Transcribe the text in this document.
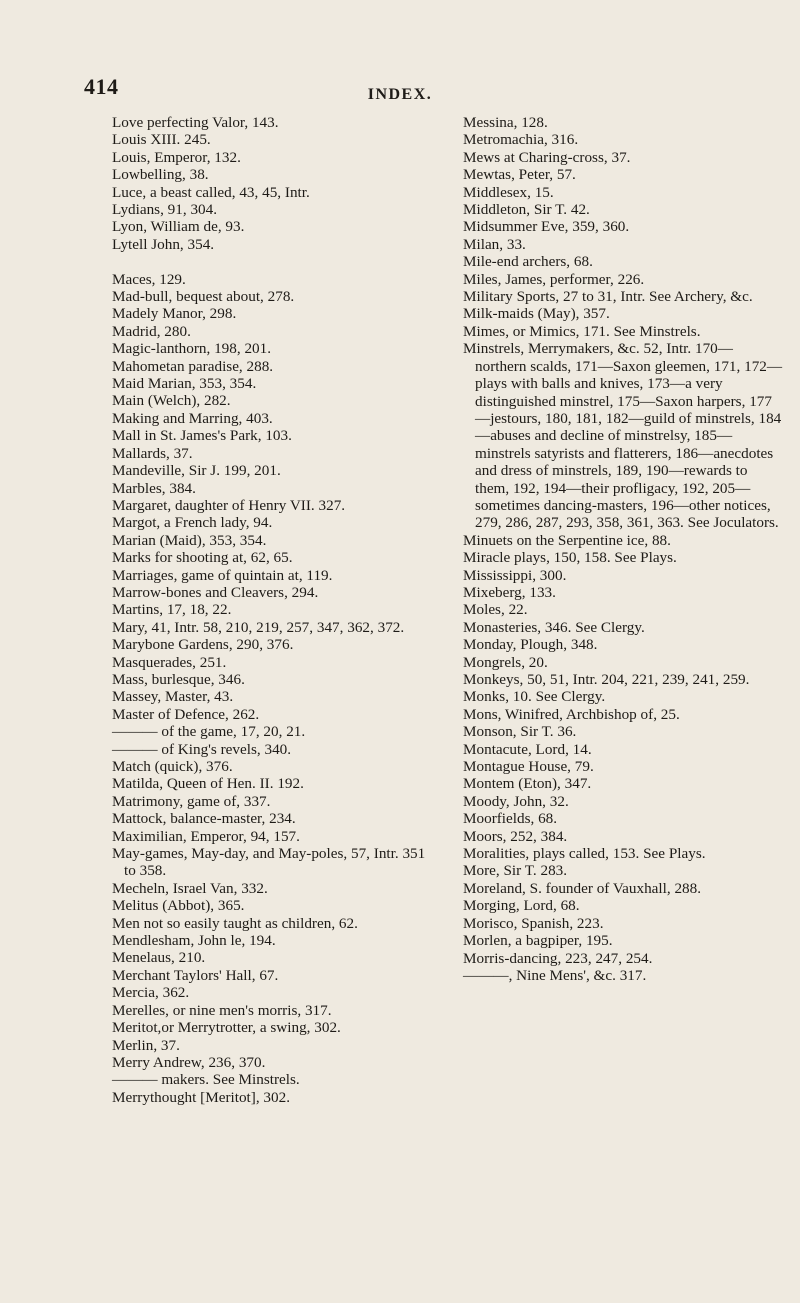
414	INDEX.
Love perfecting Valor, 143.
Louis XIII. 245.
Louis, Emperor, 132.
Lowbelling, 38.
Luce, a beast called, 43, 45, Intr.
Lydians, 91, 304.
Lyon, William de, 93.
Lytell John, 354.
Maces, 129.
Mad-bull, bequest about, 278.
Madely Manor, 298.
Madrid, 280.
Magic-lanthorn, 198, 201.
Mahometan paradise, 288.
Maid Marian, 353, 354.
Main (Welch), 282.
Making and Marring, 403.
Mall in St. James's Park, 103.
Mallards, 37.
Mandeville, Sir J. 199, 201.
Marbles, 384.
Margaret, daughter of Henry VII. 327.
Margot, a French lady, 94.
Marian (Maid), 353, 354.
Marks for shooting at, 62, 65.
Marriages, game of quintain at, 119.
Marrow-bones and Cleavers, 294.
Martins, 17, 18, 22.
Mary, 41, Intr. 58, 210, 219, 257, 347, 362, 372.
Marybone Gardens, 290, 376.
Masquerades, 251.
Mass, burlesque, 346.
Massey, Master, 43.
Master of Defence, 262.
——— of the game, 17, 20, 21.
——— of King's revels, 340.
Match (quick), 376.
Matilda, Queen of Hen. II. 192.
Matrimony, game of, 337.
Mattock, balance-master, 234.
Maximilian, Emperor, 94, 157.
May-games, May-day, and May-poles, 57, Intr. 351 to 358.
Mecheln, Israel Van, 332.
Melitus (Abbot), 365.
Men not so easily taught as children, 62.
Mendlesham, John le, 194.
Menelaus, 210.
Merchant Taylors' Hall, 67.
Mercia, 362.
Merelles, or nine men's morris, 317.
Meritot,or Merrytrotter, a swing, 302.
Merlin, 37.
Merry Andrew, 236, 370.
——— makers. See Minstrels.
Merrythought [Meritot], 302.
Messina, 128.
Metromachia, 316.
Mews at Charing-cross, 37.
Mewtas, Peter, 57.
Middlesex, 15.
Middleton, Sir T. 42.
Midsummer Eve, 359, 360.
Milan, 33.
Mile-end archers, 68.
Miles, James, performer, 226.
Military Sports, 27 to 31, Intr. See Archery, &c.
Milk-maids (May), 357.
Mimes, or Mimics, 171. See Minstrels.
Minstrels, Merrymakers, &c. 52, Intr. 170—northern scalds, 171—Saxon gleemen, 171, 172—plays with balls and knives, 173—a very distinguished minstrel, 175—Saxon harpers, 177—jestours, 180, 181, 182—guild of minstrels, 184—abuses and decline of minstrelsy, 185—minstrels satyrists and flatterers, 186—anecdotes and dress of minstrels, 189, 190—rewards to them, 192, 194—their profligacy, 192, 205—sometimes dancing-masters, 196—other notices, 279, 286, 287, 293, 358, 361, 363. See Joculators.
Minuets on the Serpentine ice, 88.
Miracle plays, 150, 158. See Plays.
Mississippi, 300.
Mixeberg, 133.
Moles, 22.
Monasteries, 346. See Clergy.
Monday, Plough, 348.
Mongrels, 20.
Monkeys, 50, 51, Intr. 204, 221, 239, 241, 259.
Monks, 10. See Clergy.
Mons, Winifred, Archbishop of, 25.
Monson, Sir T. 36.
Montacute, Lord, 14.
Montague House, 79.
Montem (Eton), 347.
Moody, John, 32.
Moorfields, 68.
Moors, 252, 384.
Moralities, plays called, 153. See Plays.
More, Sir T. 283.
Moreland, S. founder of Vauxhall, 288.
Morging, Lord, 68.
Morisco, Spanish, 223.
Morlen, a bagpiper, 195.
Morris-dancing, 223, 247, 254.
———, Nine Mens', &c. 317.
